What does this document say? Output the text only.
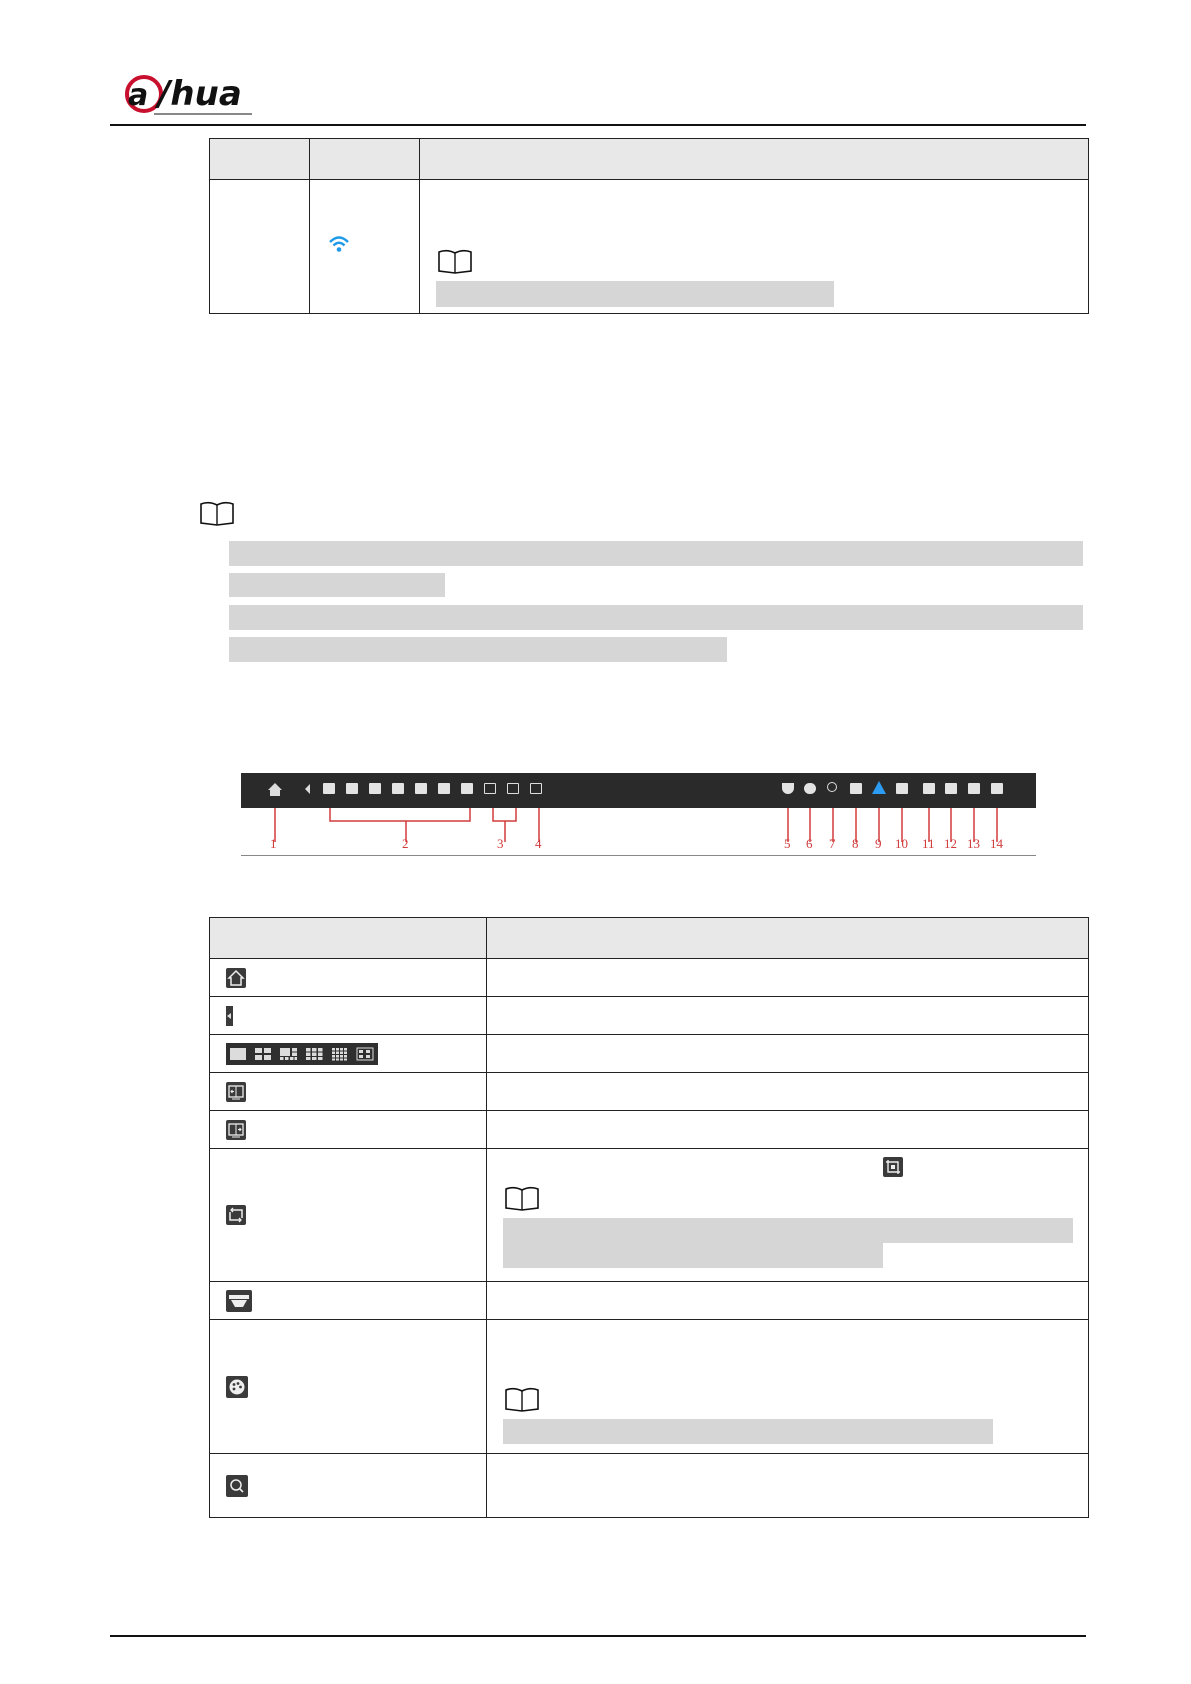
a /hua

1	2	3 4	5 6 7 8 9 10 11 12 13 14
